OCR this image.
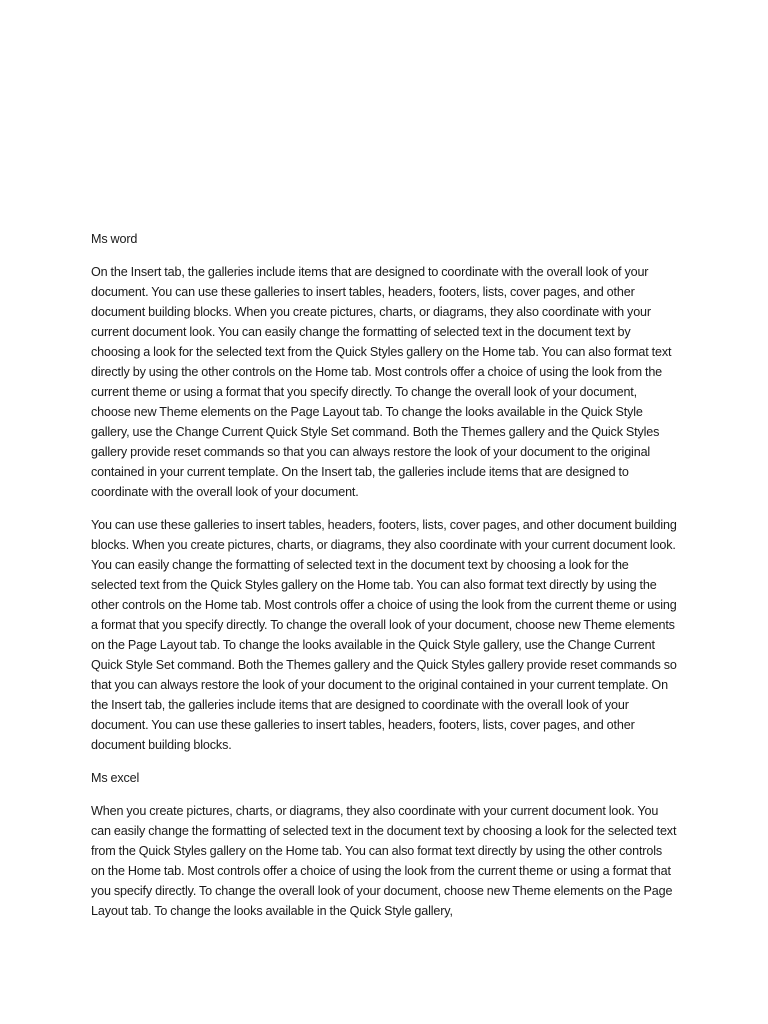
Ms word

On the Insert tab, the galleries include items that are designed to coordinate with the overall look of your document. You can use these galleries to insert tables, headers, footers, lists, cover pages, and other document building blocks. When you create pictures, charts, or diagrams, they also coordinate with your current document look. You can easily change the formatting of selected text in the document text by choosing a look for the selected text from the Quick Styles gallery on the Home tab. You can also format text directly by using the other controls on the Home tab. Most controls offer a choice of using the look from the current theme or using a format that you specify directly. To change the overall look of your document, choose new Theme elements on the Page Layout tab. To change the looks available in the Quick Style gallery, use the Change Current Quick Style Set command. Both the Themes gallery and the Quick Styles gallery provide reset commands so that you can always restore the look of your document to the original contained in your current template. On the Insert tab, the galleries include items that are designed to coordinate with the overall look of your document.

You can use these galleries to insert tables, headers, footers, lists, cover pages, and other document building blocks. When you create pictures, charts, or diagrams, they also coordinate with your current document look. You can easily change the formatting of selected text in the document text by choosing a look for the selected text from the Quick Styles gallery on the Home tab. You can also format text directly by using the other controls on the Home tab. Most controls offer a choice of using the look from the current theme or using a format that you specify directly. To change the overall look of your document, choose new Theme elements on the Page Layout tab. To change the looks available in the Quick Style gallery, use the Change Current Quick Style Set command. Both the Themes gallery and the Quick Styles gallery provide reset commands so that you can always restore the look of your document to the original contained in your current template. On the Insert tab, the galleries include items that are designed to coordinate with the overall look of your document. You can use these galleries to insert tables, headers, footers, lists, cover pages, and other document building blocks.

Ms excel

When you create pictures, charts, or diagrams, they also coordinate with your current document look. You can easily change the formatting of selected text in the document text by choosing a look for the selected text from the Quick Styles gallery on the Home tab. You can also format text directly by using the other controls on the Home tab. Most controls offer a choice of using the look from the current theme or using a format that you specify directly. To change the overall look of your document, choose new Theme elements on the Page Layout tab. To change the looks available in the Quick Style gallery,
